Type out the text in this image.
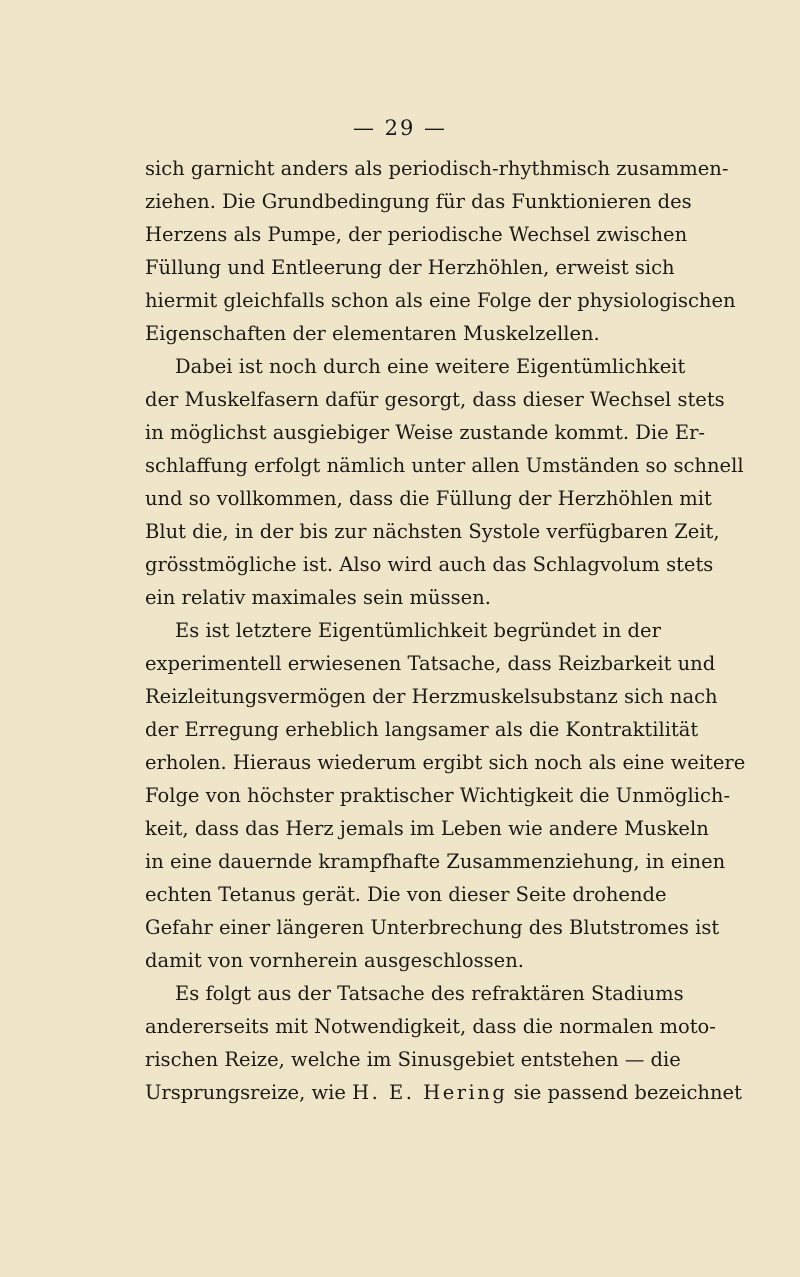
— 29 —
sich garnicht anders als periodisch-rhythmisch zusammen-
ziehen. Die Grundbedingung für das Funktionieren des
Herzens als Pumpe, der periodische Wechsel zwischen
Füllung und Entleerung der Herzhöhlen, erweist sich
hiermit gleichfalls schon als eine Folge der physiologischen
Eigenschaften der elementaren Muskelzellen.
Dabei ist noch durch eine weitere Eigentümlichkeit
der Muskelfasern dafür gesorgt, dass dieser Wechsel stets
in möglichst ausgiebiger Weise zustande kommt. Die Er-
schlaffung erfolgt nämlich unter allen Umständen so schnell
und so vollkommen, dass die Füllung der Herzhöhlen mit
Blut die, in der bis zur nächsten Systole verfügbaren Zeit,
grösstmögliche ist. Also wird auch das Schlagvolum stets
ein relativ maximales sein müssen.
Es ist letztere Eigentümlichkeit begründet in der
experimentell erwiesenen Tatsache, dass Reizbarkeit und
Reizleitungsvermögen der Herzmuskelsubstanz sich nach
der Erregung erheblich langsamer als die Kontraktilität
erholen. Hieraus wiederum ergibt sich noch als eine weitere
Folge von höchster praktischer Wichtigkeit die Unmöglich-
keit, dass das Herz jemals im Leben wie andere Muskeln
in eine dauernde krampfhafte Zusammenziehung, in einen
echten Tetanus gerät. Die von dieser Seite drohende
Gefahr einer längeren Unterbrechung des Blutstromes ist
damit von vornherein ausgeschlossen.
Es folgt aus der Tatsache des refraktären Stadiums
andererseits mit Notwendigkeit, dass die normalen moto-
rischen Reize, welche im Sinusgebiet entstehen — die
Ursprungsreize, wie H. E. Hering sie passend bezeichnet
